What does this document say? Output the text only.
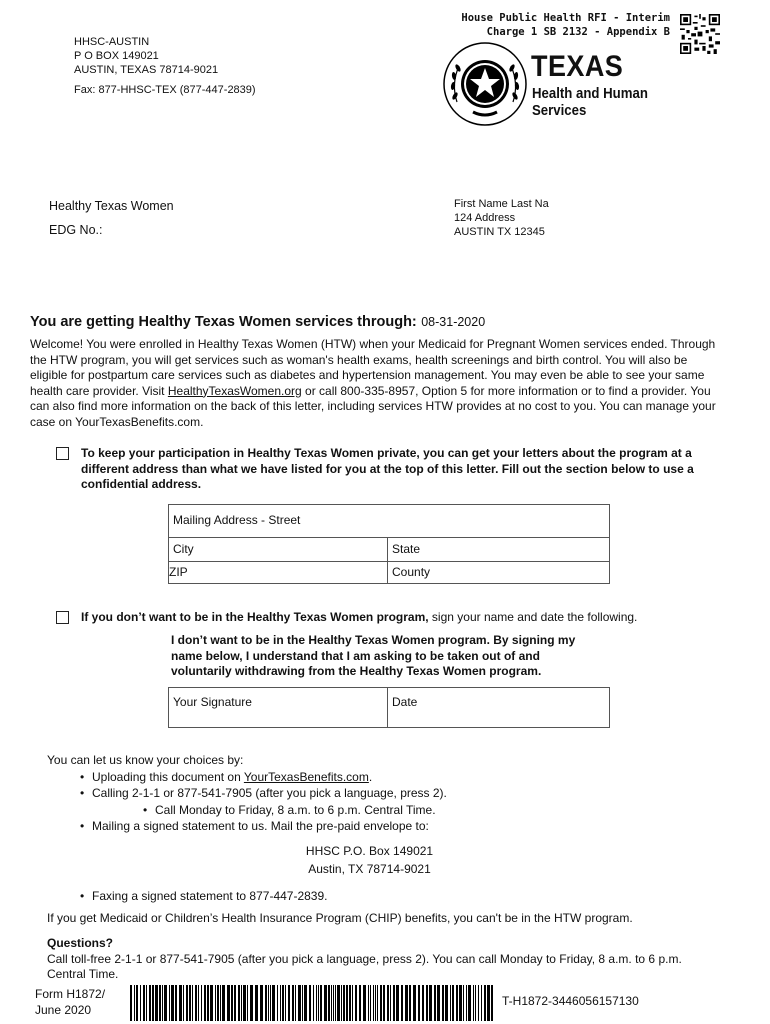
House Public Health RFI - Interim
Charge 1 SB 2132 - Appendix B
HHSC-AUSTIN
P O BOX 149021
AUSTIN, TEXAS 78714-9021
Fax: 877-HHSC-TEX (877-447-2839)
TEXAS
Health and Human
Services
Healthy Texas Women
EDG No.:
First Name Last Na
124 Address
AUSTIN TX 12345
You are getting Healthy Texas Women services through: 08-31-2020
Welcome! You were enrolled in Healthy Texas Women (HTW) when your Medicaid for Pregnant Women services ended. Through the HTW program, you will get services such as woman's health exams, health screenings and birth control. You will also be eligible for postpartum care services such as diabetes and hypertension management. You may even be able to see your same health care provider. Visit HealthyTexasWomen.org or call 800-335-8957, Option 5 for more information or to find a provider. You can also find more information on the back of this letter, including services HTW provides at no cost to you. You can manage your case on YourTexasBenefits.com.
To keep your participation in Healthy Texas Women private, you can get your letters about the program at a different address than what we have listed for you at the top of this letter. Fill out the section below to use a confidential address.
Mailing Address - Street	
City	State
ZIP	County
If you don’t want to be in the Healthy Texas Women program, sign your name and date the following.
I don’t want to be in the Healthy Texas Women program. By signing my name below, I understand that I am asking to be taken out of and voluntarily withdrawing from the Healthy Texas Women program.
Your Signature	Date
You can let us know your choices by:
• Uploading this document on YourTexasBenefits.com.
• Calling 2-1-1 or 877-541-7905 (after you pick a language, press 2).
• Call Monday to Friday, 8 a.m. to 6 p.m. Central Time.
• Mailing a signed statement to us. Mail the pre-paid envelope to:
HHSC P.O. Box 149021
Austin, TX 78714-9021
• Faxing a signed statement to 877-447-2839.
If you get Medicaid or Children’s Health Insurance Program (CHIP) benefits, you can't be in the HTW program.
Questions?
Call toll-free 2-1-1 or 877-541-7905 (after you pick a language, press 2). You can call Monday to Friday, 8 a.m. to 6 p.m. Central Time.
Form H1872/
June 2020
T-H1872-3446056157130
